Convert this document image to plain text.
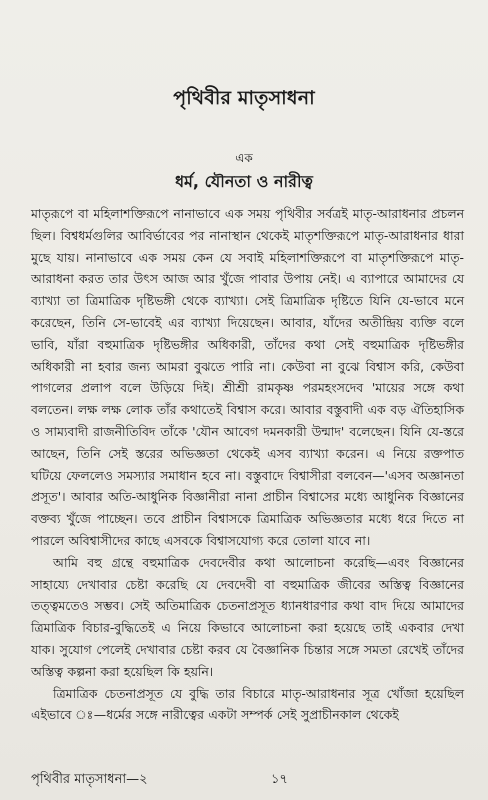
পৃথিবীর মাতৃসাধনা
এক
ধর্ম, যৌনতা ও নারীত্ব

মাতৃরূপে বা মহিলাশক্তিরূপে নানাভাবে এক সময় পৃথিবীর সর্বত্রই মাতৃ-আরাধনার প্রচলন ছিল। বিশ্বধর্মগুলির আবির্ভাবের পর নানাস্থান থেকেই মাতৃশক্তিরূপে মাতৃ-আরাধনার ধারা মুছে যায়। নানাভাবে এক সময় কেন যে সবাই মহিলাশক্তিরূপে বা মাতৃশক্তিরূপে মাতৃ-আরাধনা করত তার উৎস আজ আর খুঁজে পাবার উপায় নেই। এ ব্যাপারে আমাদের যে ব্যাখ্যা তা ত্রিমাত্রিক দৃষ্টিভঙ্গী থেকে ব্যাখ্যা। সেই ত্রিমাত্রিক দৃষ্টিতে যিনি যে-ভাবে মনে করেছেন, তিনি সে-ভাবেই এর ব্যাখ্যা দিয়েছেন। আবার, যাঁদের অতীন্দ্রিয় ব্যক্তি বলে ভাবি, যাঁরা বহুমাত্রিক দৃষ্টিভঙ্গীর অধিকারী, তাঁদের কথা সেই বহুমাত্রিক দৃষ্টিভঙ্গীর অধিকারী না হবার জন্য আমরা বুঝতে পারি না। কেউবা না বুঝে বিশ্বাস করি, কেউবা পাগলের প্রলাপ বলে উড়িয়ে দিই। শ্রীশ্রী রামকৃষ্ণ পরমহংসদেব 'মায়ের সঙ্গে কথা বলতেন। লক্ষ লক্ষ লোক তাঁর কথাতেই বিশ্বাস করে। আবার বস্তুবাদী এক বড় ঐতিহাসিক ও সাম্যবাদী রাজনীতিবিদ তাঁকে 'যৌন আবেগ দমনকারী উন্মাদ' বলেছেন। যিনি যে-স্তরে আছেন, তিনি সেই স্তরের অভিজ্ঞতা থেকেই এসব ব্যাখ্যা করেন। এ নিয়ে রক্তপাত ঘটিয়ে ফেললেও সমস্যার সমাধান হবে না। বস্তুবাদে বিশ্বাসীরা বলবেন—'এসব অজ্ঞানতা প্রসূত'। আবার অতি-আধুনিক বিজ্ঞানীরা নানা প্রাচীন বিশ্বাসের মধ্যে আধুনিক বিজ্ঞানের বক্তব্য খুঁজে পাচ্ছেন। তবে প্রাচীন বিশ্বাসকে ত্রিমাত্রিক অভিজ্ঞতার মধ্যে ধরে দিতে না পারলে অবিশ্বাসীদের কাছে এসবকে বিশ্বাসযোগ্য করে তোলা যাবে না।

আমি বহু গ্রন্থে বহুমাত্রিক দেবদেবীর কথা আলোচনা করেছি—এবং বিজ্ঞানের সাহায্যে দেখাবার চেষ্টা করেছি যে দেবদেবী বা বহুমাত্রিক জীবের অস্তিত্ব বিজ্ঞানের তত্ত্বমতেও সম্ভব। সেই অতিমাত্রিক চেতনাপ্রসূত ধ্যানধারণার কথা বাদ দিয়ে আমাদের ত্রিমাত্রিক বিচার-বুদ্ধিতেই এ নিয়ে কিভাবে আলোচনা করা হয়েছে তাই একবার দেখা যাক। সুযোগ পেলেই দেখাবার চেষ্টা করব যে বৈজ্ঞানিক চিন্তার সঙ্গে সমতা রেখেই তাঁদের অস্তিত্ব কল্পনা করা হয়েছিল কি হয়নি।

ত্রিমাত্রিক চেতনাপ্রসূত যে বুদ্ধি তার বিচারে মাতৃ-আরাধনার সূত্র খোঁজা হয়েছিল এইভাবে ঃ—ধর্মের সঙ্গে নারীত্বের একটা সম্পর্ক সেই সুপ্রাচীনকাল থেকেই

পৃথিবীর মাতৃসাধনা—২	১৭
